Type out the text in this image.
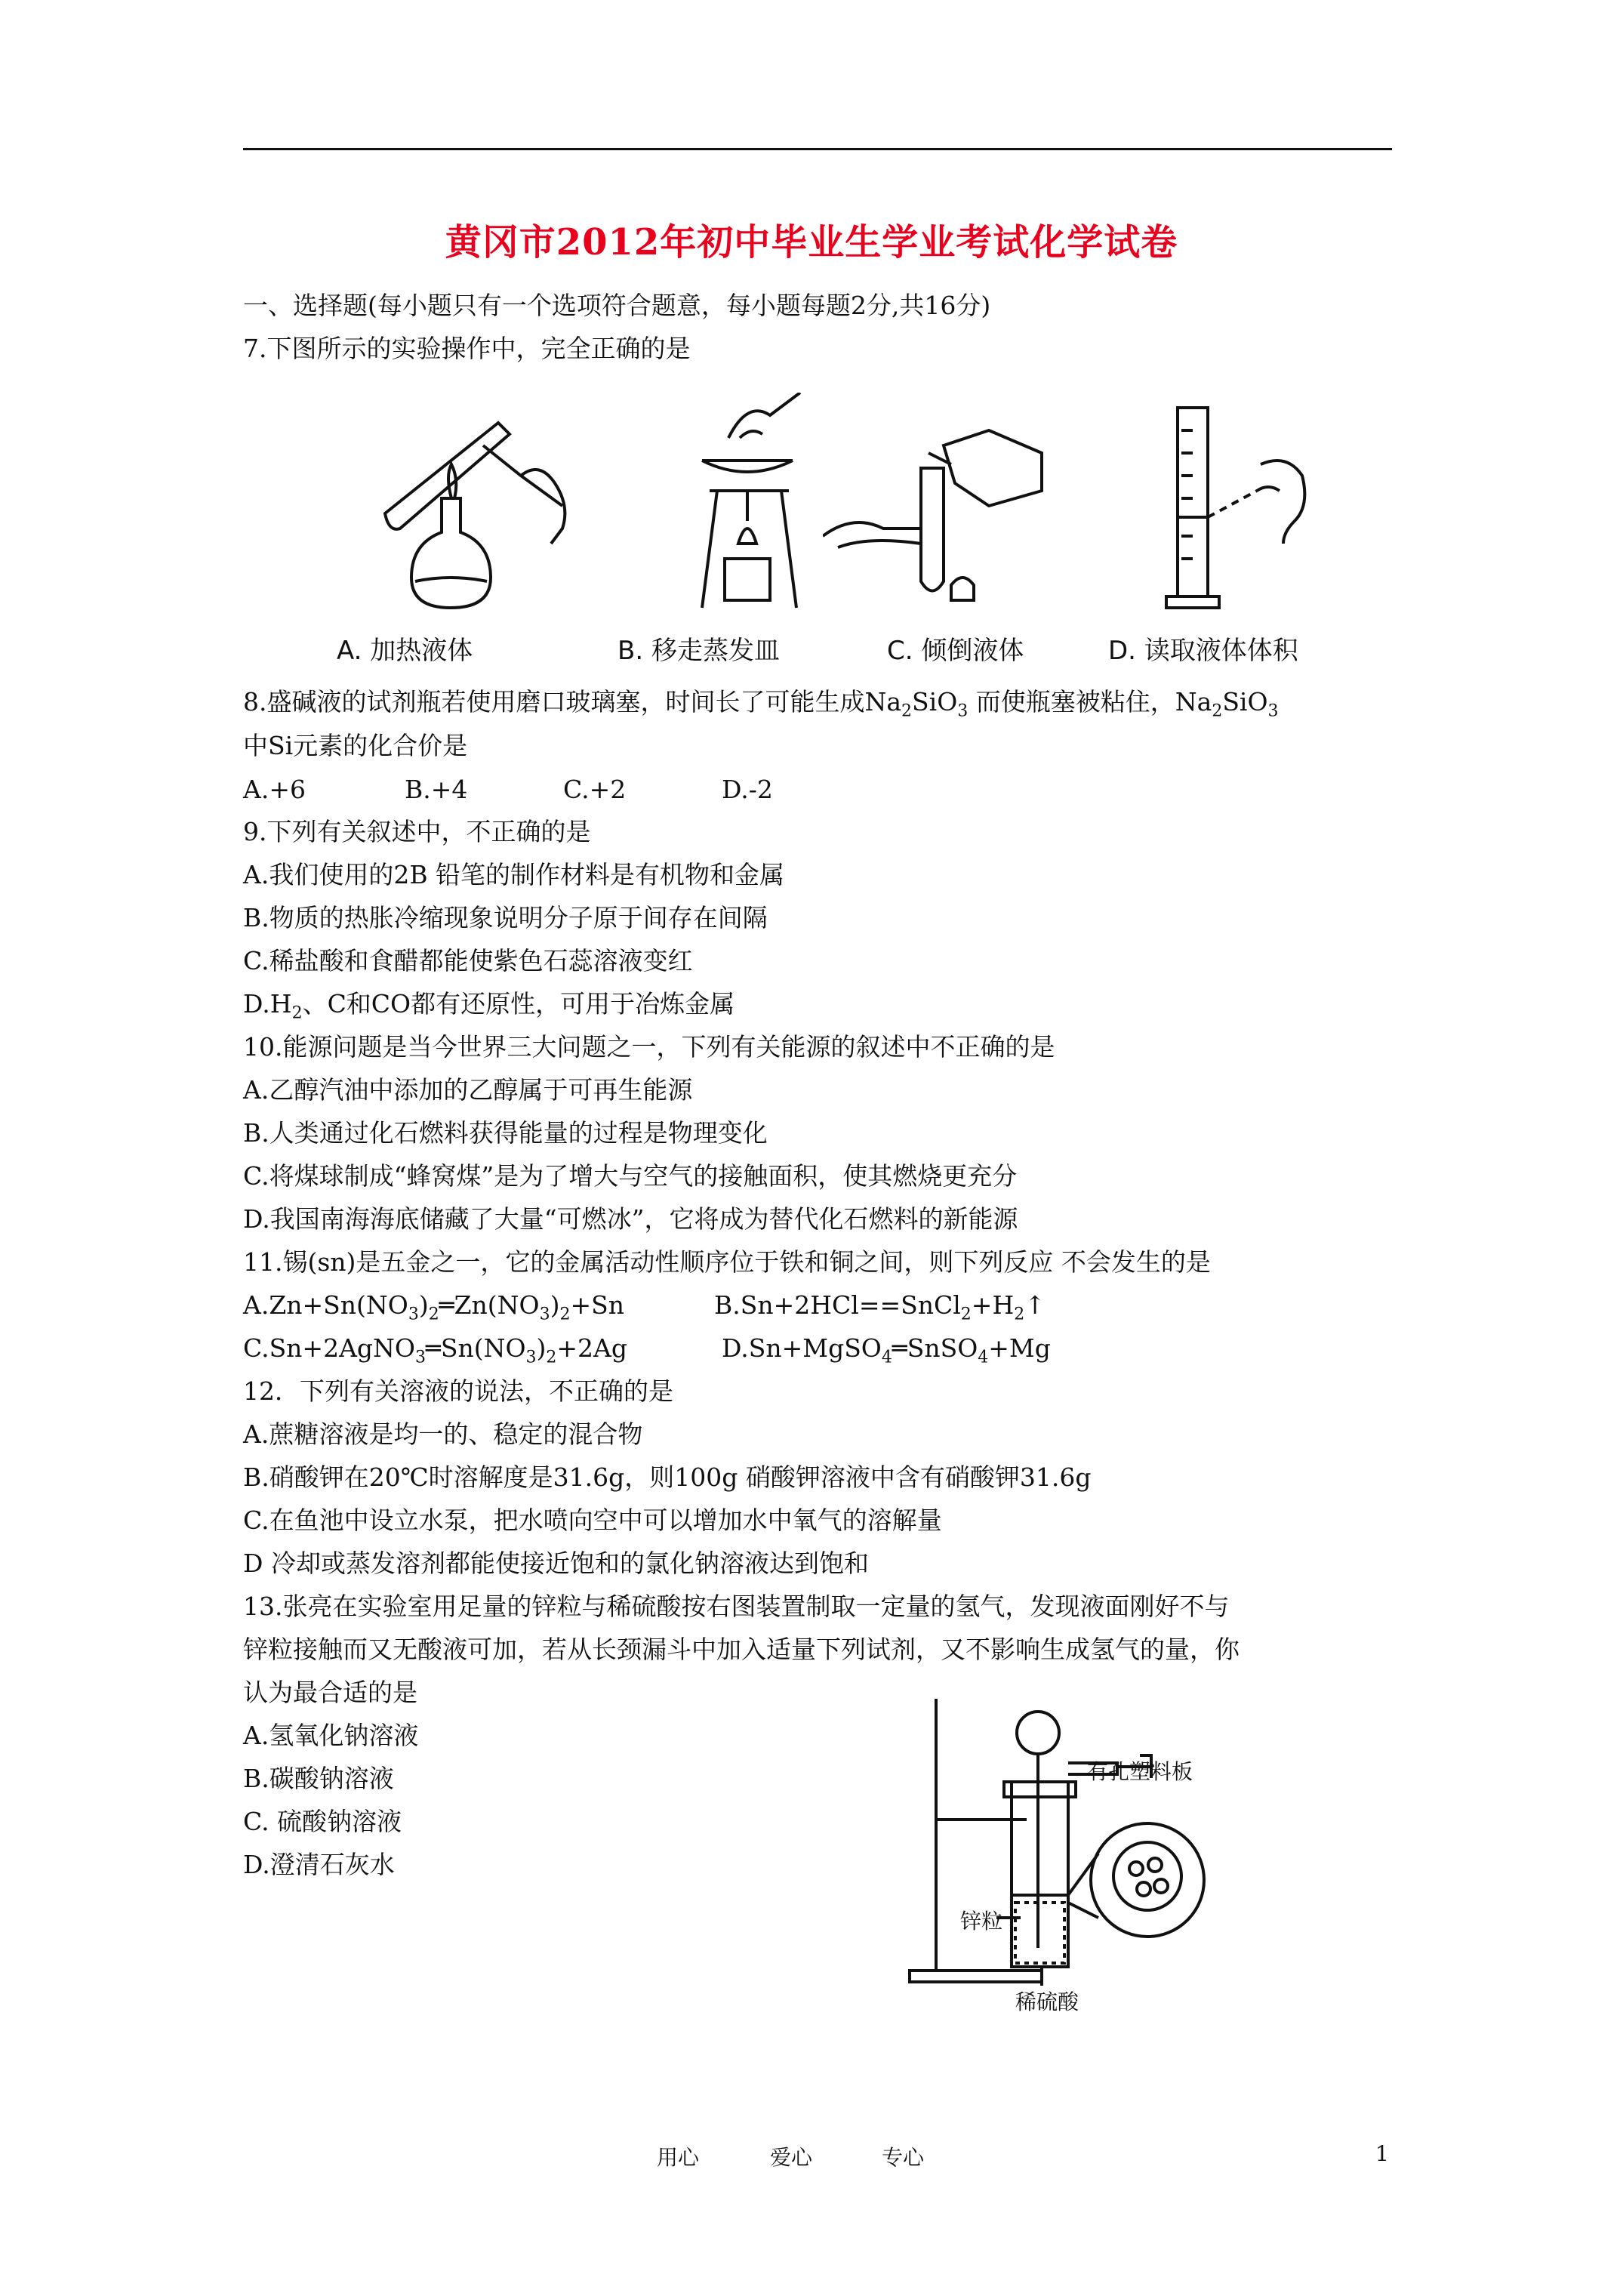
黄冈市2012年初中毕业生学业考试化学试卷
一、选择题(每小题只有一个选项符合题意，每小题每题2分,共16分)
7.下图所示的实验操作中，完全正确的是
A. 加热液体	B. 移走蒸发皿	C. 倾倒液体	D. 读取液体体积
8.盛碱液的试剂瓶若使用磨口玻璃塞，时间长了可能生成$Na_2SiO_3$ 而使瓶塞被粘住，$Na_2SiO_3$
中Si元素的化合价是
A.+6	B.+4	C.+2	D.-2
9.下列有关叙述中，不正确的是
A.我们使用的2B 铅笔的制作材料是有机物和金属
B.物质的热胀冷缩现象说明分子原于间存在间隔
C.稀盐酸和食醋都能使紫色石蕊溶液变红
$D.H_2$、C和CO都有还原性，可用于冶炼金属
10.能源问题是当今世界三大问题之一，下列有关能源的叙述中不正确的是
A.乙醇汽油中添加的乙醇属于可再生能源
B.人类通过化石燃料获得能量的过程是物理变化
C.将煤球制成“蜂窝煤”是为了增大与空气的接触面积，使其燃烧更充分
D.我国南海海底储藏了大量“可燃冰”，它将成为替代化石燃料的新能源
11.锡(sn)是五金之一，它的金属活动性顺序位于铁和铜之间，则下列反应 不会发生的是
$A.Zn+Sn(NO_3)_2═Zn(NO_3)_2+Sn$	$B.Sn+2HCl==SnCl_2+H_2↑$
$C.Sn+2AgNO_3═Sn(NO_3)_2+2Ag$	D.Sn+MgSO$_4$═SnSO$_4$+Mg
12．下列有关溶液的说法，不正确的是
A.蔗糖溶液是均一的、稳定的混合物
B.硝酸钾在20℃时溶解度是31.6g，则100g 硝酸钾溶液中含有硝酸钾31.6g
C.在鱼池中设立水泵，把水喷向空中可以增加水中氧气的溶解量
D 冷却或蒸发溶剂都能使接近饱和的氯化钠溶液达到饱和
13.张亮在实验室用足量的锌粒与稀硫酸按右图装置制取一定量的氢气，发现液面刚好不与
锌粒接触而又无酸液可加，若从长颈漏斗中加入适量下列试剂，又不影响生成氢气的量，你
认为最合适的是
A.氢氧化钠溶液
B.碳酸钠溶液
C. 硫酸钠溶液
D.澄清石灰水
有孔塑料板
锌粒
稀硫酸
用心	爱心	专心	1
